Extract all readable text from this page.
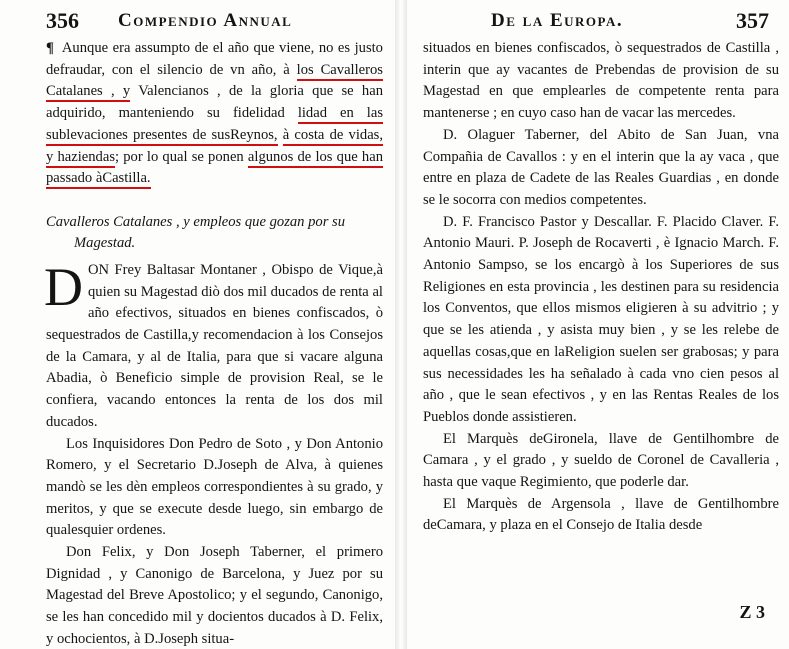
356 Compendio Annual

¶ Aunque era assumpto de el año que viene, no es justo defraudar, con el silencio de vn año, à los Cavalleros Catalanes , y Valencianos , de la gloria que se han adquirido, manteniendo su fidelidad lidad en las sublevaciones presentes de susReynos, à costa de vidas, y haziendas; por lo qual se ponen algunos de los que han passado àCastilla.

Cavalleros Catalanes , y empleos que gozan por su
Magestad.

DON Frey Baltasar Montaner , Obispo de Vique,à quien su Magestad diò dos mil ducados de renta al año efectivos, situados en bienes confiscados, ò sequestrados de Castilla,y recomendacion à los Consejos de la Camara, y al de Italia, para que si vacare alguna Abadia, ò Beneficio simple de provision Real, se le confiera, vacando entonces la renta de los dos mil ducados.

Los Inquisidores Don Pedro de Soto , y Don Antonio Romero, y el Secretario D.Joseph de Alva, à quienes mandò se les dèn empleos correspondientes à su grado, y meritos, y que se execute desde luego, sin embargo de qualesquier ordenes.

Don Felix, y Don Joseph Taberner, el primero Dignidad , y Canonigo de Barcelona, y Juez por su Magestad del Breve Apostolico; y el segundo, Canonigo, se les han concedido mil y docientos ducados à D. Felix, y ochocientos, à D.Joseph situa-

De la Europa.	357

situados en bienes confiscados, ò sequestrados de Castilla , interin que ay vacantes de Prebendas de provision de su Magestad en que emplearles de competente renta para mantenerse ; en cuyo caso han de vacar las mercedes.

D. Olaguer Taberner, del Abito de San Juan, vna Compañia de Cavallos : y en el interin que la ay vaca , que entre en plaza de Cadete de las Reales Guardias , en donde se le socorra con medios competentes.

D. F. Francisco Pastor y Descallar. F. Placido Claver. F. Antonio Mauri. P. Joseph de Rocaverti , è Ignacio March. F. Antonio Sampso, se los encargò à los Superiores de sus Religiones en esta provincia , les destinen para su residencia los Conventos, que ellos mismos eligieren à su advitrio ; y que se les atienda , y asista muy bien , y se les relebe de aquellas cosas,que en laReligion suelen ser grabosas; y para sus necessidades les ha señalado à cada vno cien pesos al año , que le sean efectivos , y en las Rentas Reales de los Pueblos donde assistieren.

El Marquès deGironela, llave de Gentilhombre de Camara , y el grado , y sueldo de Coronel de Cavalleria , hasta que vaque Regimiento, que poderle dar.

El Marquès de Argensola , llave de Gentilhombre deCamara, y plaza en el Consejo de Italia desde

Z 3
